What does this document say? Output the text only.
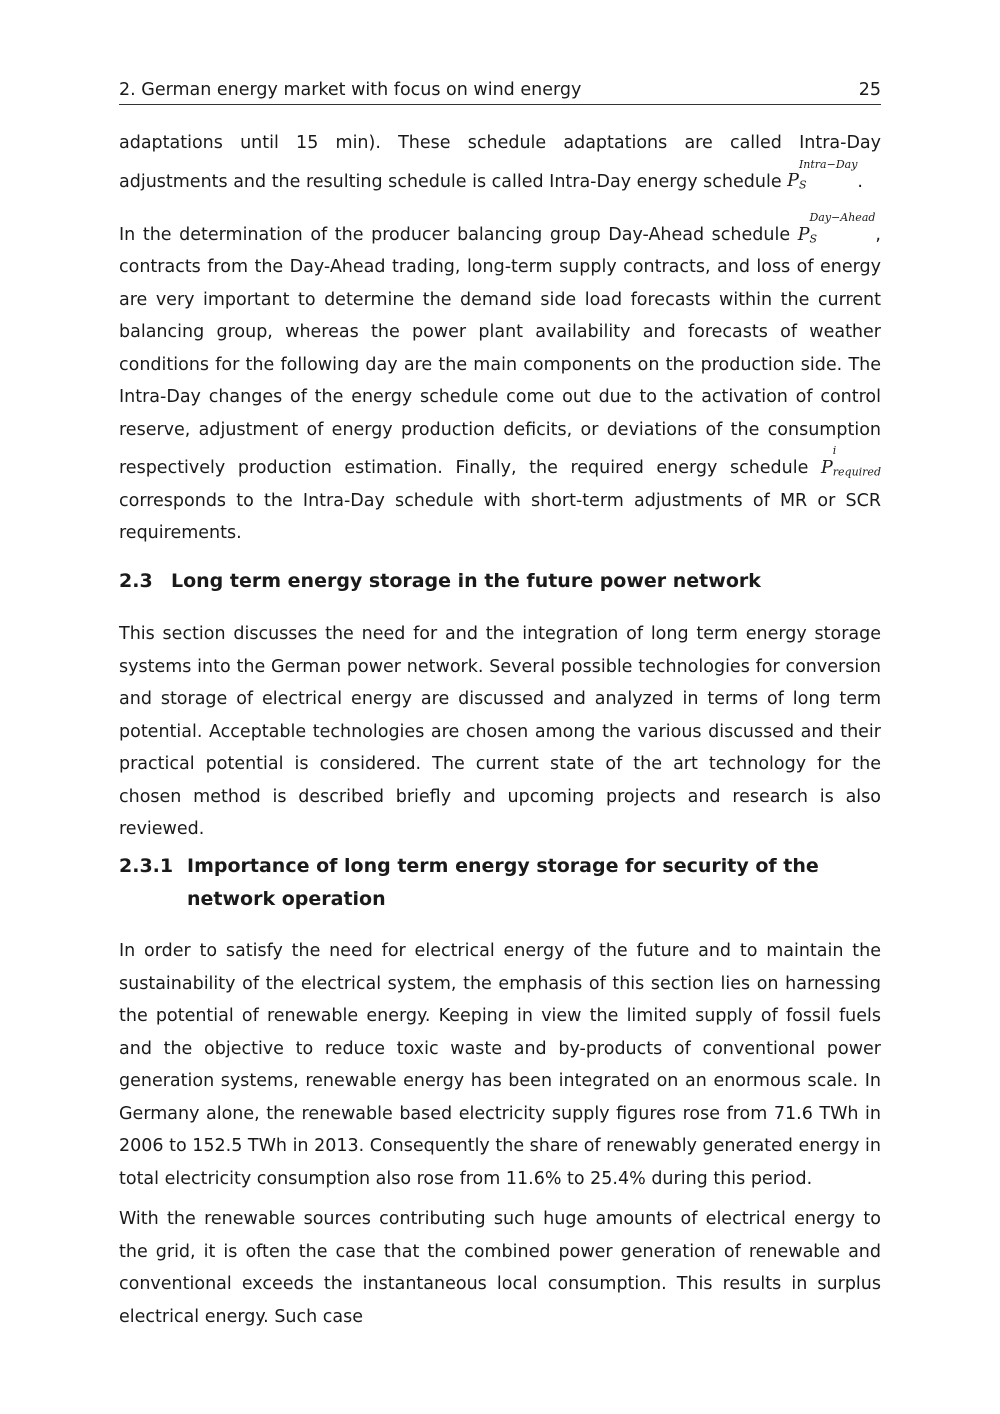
2. German energy market with focus on wind energy	25

adaptations until 15 min). These schedule adaptations are called Intra-Day adjustments and the resulting schedule is called Intra-Day energy schedule $P^{Intra-Day}$
$_S$	.

In the determination of the producer balancing group Day-Ahead schedule $P^{Day-Ahead}$
$_S$	, contracts from the Day-Ahead trading, long-term supply contracts, and loss of energy are very important to determine the demand side load forecasts within the current balancing group, whereas the power plant availability and forecasts of weather conditions for the following day are the main components on the production side. The Intra-Day changes of the energy schedule come out due to the activation of control reserve, adjustment of energy production deficits, or deviations of the consumption respectively production estimation. Finally, the required energy schedule $P^i$
$_{required}$ corresponds to the Intra-Day schedule with short-term adjustments of MR or SCR requirements.

2.3 Long term energy storage in the future power network

This section discusses the need for and the integration of long term energy storage systems into the German power network. Several possible technologies for conversion and storage of electrical energy are discussed and analyzed in terms of long term potential. Acceptable technologies are chosen among the various discussed and their practical potential is considered. The current state of the art technology for the chosen method is described briefly and upcoming projects and research is also reviewed.

2.3.1 Importance of long term energy storage for security of the network operation

In order to satisfy the need for electrical energy of the future and to maintain the sustainability of the electrical system, the emphasis of this section lies on harnessing the potential of renewable energy. Keeping in view the limited supply of fossil fuels and the objective to reduce toxic waste and by-products of conventional power generation systems, renewable energy has been integrated on an enormous scale. In Germany alone, the renewable based electricity supply figures rose from 71.6 TWh in 2006 to 152.5 TWh in 2013. Consequently the share of renewably generated energy in total electricity consumption also rose from 11.6% to 25.4% during this period.

With the renewable sources contributing such huge amounts of electrical energy to the grid, it is often the case that the combined power generation of renewable and conventional exceeds the instantaneous local consumption. This results in surplus electrical energy. Such case
